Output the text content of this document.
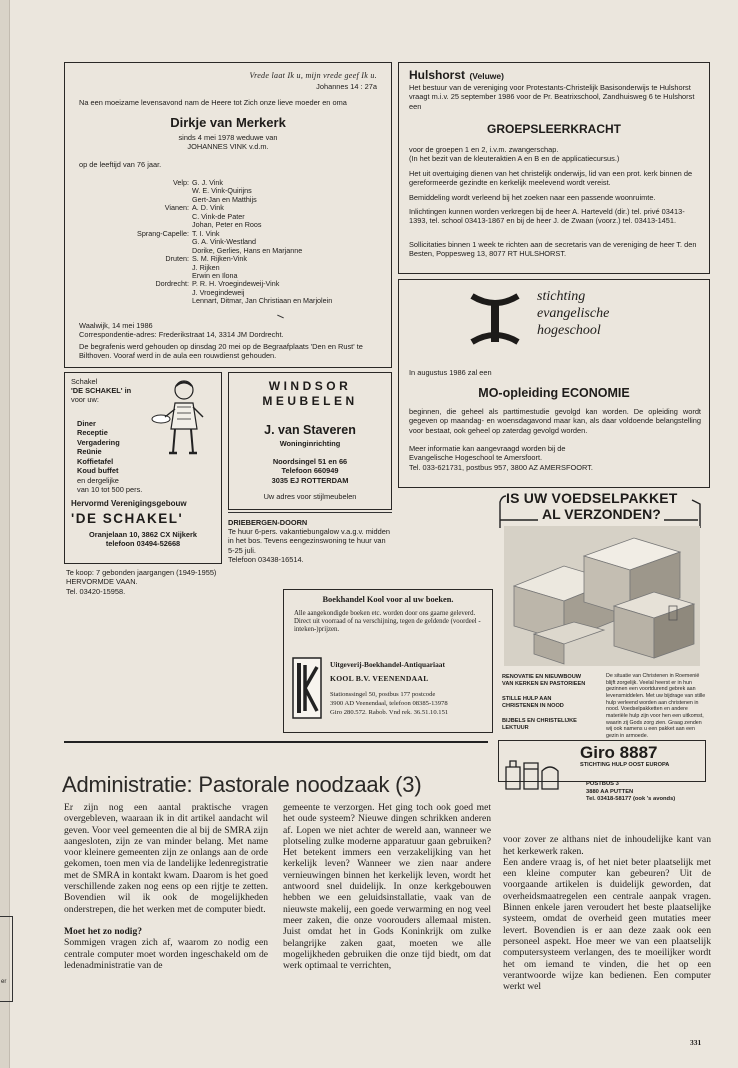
er
Vrede laat Ik u, mijn vrede geef Ik u.
Johannes 14 : 27a
Na een moeizame levensavond nam de Heere tot Zich onze lieve moeder en oma
Dirkje van Merkerk
sinds 4 mei 1978 weduwe van
JOHANNES VINK v.d.m.
op de leeftijd van 76 jaar.
Velp: G. J. Vink
W. E. Vink-Quirijns
Gert-Jan en Matthijs
Vianen: A. D. Vink
C. Vink-de Pater
Johan, Peter en Roos
Sprang-Capelle: T. I. Vink
G. A. Vink-Westland
Dorike, Gerlies, Hans en Marjanne
Druten: S. M. Rijken-Vink
J. Rijken
Erwin en Ilona
Dordrecht: P. R. H. Vroegindeweij-Vink
J. Vroegindeweij
Lennart, Ditmar, Jan Christiaan en Marjolein
Waalwijk, 14 mei 1986
Correspondentie-adres: Frederikstraat 14, 3314 JM Dordrecht.
De begrafenis werd gehouden op dinsdag 20 mei op de Begraafplaats 'Den en Rust' te Bilthoven. Vooraf werd in de aula een rouwdienst gehouden.
Hulshorst (Veluwe)
Het bestuur van de vereniging voor Protestants-Christelijk Basisonderwijs te Hulshorst vraagt m.i.v. 25 september 1986 voor de Pr. Beatrixschool, Zandhuisweg 6 te Hulshorst een
GROEPSLEERKRACHT
voor de groepen 1 en 2, i.v.m. zwangerschap.
(In het bezit van de kleuteraktien A en B en de applicatiecursus.)
Het uit overtuiging dienen van het christelijk onderwijs, lid van een prot. kerk binnen de gereformeerde gezindte en kerkelijk meelevend wordt vereist.
Bemiddeling wordt verleend bij het zoeken naar een passende woonruimte.
Inlichtingen kunnen worden verkregen bij de heer A. Harteveld (dir.) tel. privé 03413-1393, tel. school 03413-1867 en bij de heer J. de Zwaan (voorz.) tel. 03413-1451.
Sollicitaties binnen 1 week te richten aan de secretaris van de vereniging de heer T. den Besten, Poppesweg 13, 8077 RT HULSHORST.
stichting
evangelische
hogeschool
In augustus 1986 zal een
MO-opleiding ECONOMIE
beginnen, die geheel als parttimestudie gevolgd kan worden. De opleiding wordt gegeven op maandag- en woensdagavond maar kan, als daar voldoende belangstelling voor bestaat, ook geheel op zaterdag gevolgd worden.
Meer informatie kan aangevraagd worden bij de
Evangelische Hogeschool te Amersfoort.
Tel. 033-621731, postbus 957, 3800 AZ AMERSFOORT.
Schakel
'DE SCHAKEL' in
voor uw:
Diner
Receptie
Vergadering
Reünie
Koffietafel
Koud buffet
en dergelijke
van 10 tot 500 pers.
Hervormd Verenigingsgebouw
'DE SCHAKEL'
Oranjelaan 10, 3862 CX Nijkerk
telefoon 03494-52668
WINDSOR
MEUBELEN
J. van Staveren
Woninginrichting
Noordsingel 51 en 66
Telefoon 660949
3035 EJ ROTTERDAM
Uw adres voor stijlmeubelen
Te koop: 7 gebonden jaargangen (1949-1955) HERVORMDE VAAN.
Tel. 03420-15958.
DRIEBERGEN-DOORN
Te huur 6-pers. vakantiebungalow v.a.g.v. midden in het bos. Tevens eengezinswoning te huur van 5-25 juli.
Telefoon 03438-16514.
Boekhandel Kool voor al uw boeken.
Alle aangekondigde boeken etc. worden door ons gaarne geleverd. Direct uit voorraad of na verschijning, tegen de geldende (voordeel - inteken-)prijzen.
Uitgeverij-Boekhandel-Antiquariaat
KOOL B.V. VEENENDAAL
Stationssingel 50, postbus 177 postcode
3900 AD Veenendaal, telefoon 08385-13978
Giro 280.572. Rabob. Vnd rek. 36.51.10.151
IS UW VOEDSELPAKKET
AL VERZONDEN?
RENOVATIE EN NIEUWBOUW
VAN KERKEN EN PASTORIEEN
STILLE HULP AAN
CHRISTENEN IN NOOD
BIJBELS EN CHRISTELIJKE
LEKTUUR
De situatie van Christenen in Roemenië blijft zorgelijk. Veelal heerst er in hun gezinnen een voortdurend gebrek aan levensmiddelen. Met uw bijdrage van stille hulp verleend worden aan christenen in nood. Voedselpakketten en andere materiële hulp zijn voor hen een uitkomst, waarin zij Gods zorg zien. Graag zenden wij ook namens u een pakket aan een gezin in armoede.
Giro 8887
STICHTING HULP OOST EUROPA
POSTBUS 3
3880 AA PUTTEN
Tel. 03418-58177 (ook 's avonds)
Administratie: Pastorale noodzaak (3)

Er zijn nog een aantal praktische vragen overgebleven, waaraan ik in dit artikel aandacht wil geven. Voor veel gemeenten die al bij de SMRA zijn aangesloten, zijn ze van minder belang. Met name voor kleinere gemeenten zijn ze onlangs aan de orde gekomen, toen men via de landelijke ledenregistratie met de SMRA in kontakt kwam. Daarom is het goed verschillende zaken nog eens op een rijtje te zetten. Bovendien wil ik ook de mogelijkheden onderstrepen, die het werken met de computer biedt.

Moet het zo nodig?

Sommigen vragen zich af, waarom zo nodig een centrale computer moet worden ingeschakeld om de ledenadministratie van de

gemeente te verzorgen. Het ging toch ook goed met het oude systeem? Nieuwe dingen schrikken anderen af. Lopen we niet achter de wereld aan, wanneer we plotseling zulke moderne apparatuur gaan gebruiken? Het betekent immers een verzakelijking van het kerkelijk leven? Wanneer we zien naar andere vernieuwingen binnen het kerkelijk leven, wordt het antwoord snel duidelijk. In onze kerkgebouwen hebben we een geluidsinstallatie, vaak van de nieuwste makelij, een goede verwarming en nog veel meer zaken, die onze voorouders allemaal misten. Juist omdat het in Gods Koninkrijk om zulke belangrijke zaken gaat, moeten we alle mogelijkheden gebruiken die onze tijd biedt, om dat werk optimaal te verrichten,

voor zover ze althans niet de inhoudelijke kant van het kerkewerk raken.
Een andere vraag is, of het niet beter plaatselijk met een kleine computer kan gebeuren? Uit de voorgaande artikelen is duidelijk geworden, dat overheidsmaatregelen een centrale aanpak vragen. Binnen enkele jaren veroudert het beste plaatselijke systeem, omdat de overheid geen mutaties meer levert. Bovendien is er aan deze zaak ook een personeel aspekt. Hoe meer we van een plaatselijk computersysteem verlangen, des te moeilijker wordt het om iemand te vinden, die het op een verantwoorde wijze kan bedienen. Een computer werkt wel

331
